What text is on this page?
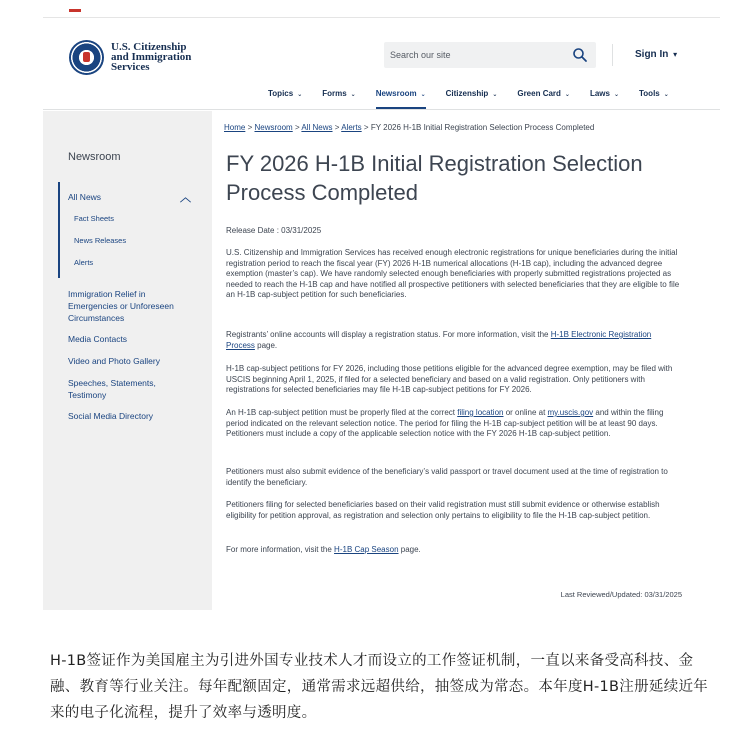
U.S. Citizenship
and Immigration
Services
Search our site
Sign In ▾
Topics ⌄	Forms ⌄	Newsroom ⌄	Citizenship ⌄	Green Card ⌄	Laws ⌄	Tools ⌄
Newsroom
All News	︿
Fact Sheets
News Releases
Alerts
Immigration Relief in Emergencies or Unforeseen Circumstances
Media Contacts
Video and Photo Gallery
Speeches, Statements, Testimony
Social Media Directory
Home > Newsroom > All News > Alerts > FY 2026 H-1B Initial Registration Selection Process Completed
FY 2026 H-1B Initial Registration Selection Process Completed
Release Date : 03/31/2025

U.S. Citizenship and Immigration Services has received enough electronic registrations for unique beneficiaries during the initial registration period to reach the fiscal year (FY) 2026 H-1B numerical allocations (H-1B cap), including the advanced degree exemption (master’s cap). We have randomly selected enough beneficiaries with properly submitted registrations projected as needed to reach the H-1B cap and have notified all prospective petitioners with selected beneficiaries that they are eligible to file an H-1B cap-subject petition for such beneficiaries.

Registrants’ online accounts will display a registration status. For more information, visit the H-1B Electronic Registration Process page.

H-1B cap-subject petitions for FY 2026, including those petitions eligible for the advanced degree exemption, may be filed with USCIS beginning April 1, 2025, if filed for a selected beneficiary and based on a valid registration. Only petitioners with registrations for selected beneficiaries may file H-1B cap-subject petitions for FY 2026.

An H-1B cap-subject petition must be properly filed at the correct filing location or online at my.uscis.gov and within the filing period indicated on the relevant selection notice. The period for filing the H-1B cap-subject petition will be at least 90 days. Petitioners must include a copy of the applicable selection notice with the FY 2026 H-1B cap-subject petition.

Petitioners must also submit evidence of the beneficiary’s valid passport or travel document used at the time of registration to identify the beneficiary.

Petitioners filing for selected beneficiaries based on their valid registration must still submit evidence or otherwise establish eligibility for petition approval, as registration and selection only pertains to eligibility to file the H-1B cap-subject petition.

For more information, visit the H-1B Cap Season page.

Last Reviewed/Updated: 03/31/2025
H-1B签证作为美国雇主为引进外国专业技术人才而设立的工作签证机制，一直以来备受高科技、金融、教育等行业关注。每年配额固定，通常需求远超供给，抽签成为常态。本年度H-1B注册延续近年来的电子化流程，提升了效率与透明度。
